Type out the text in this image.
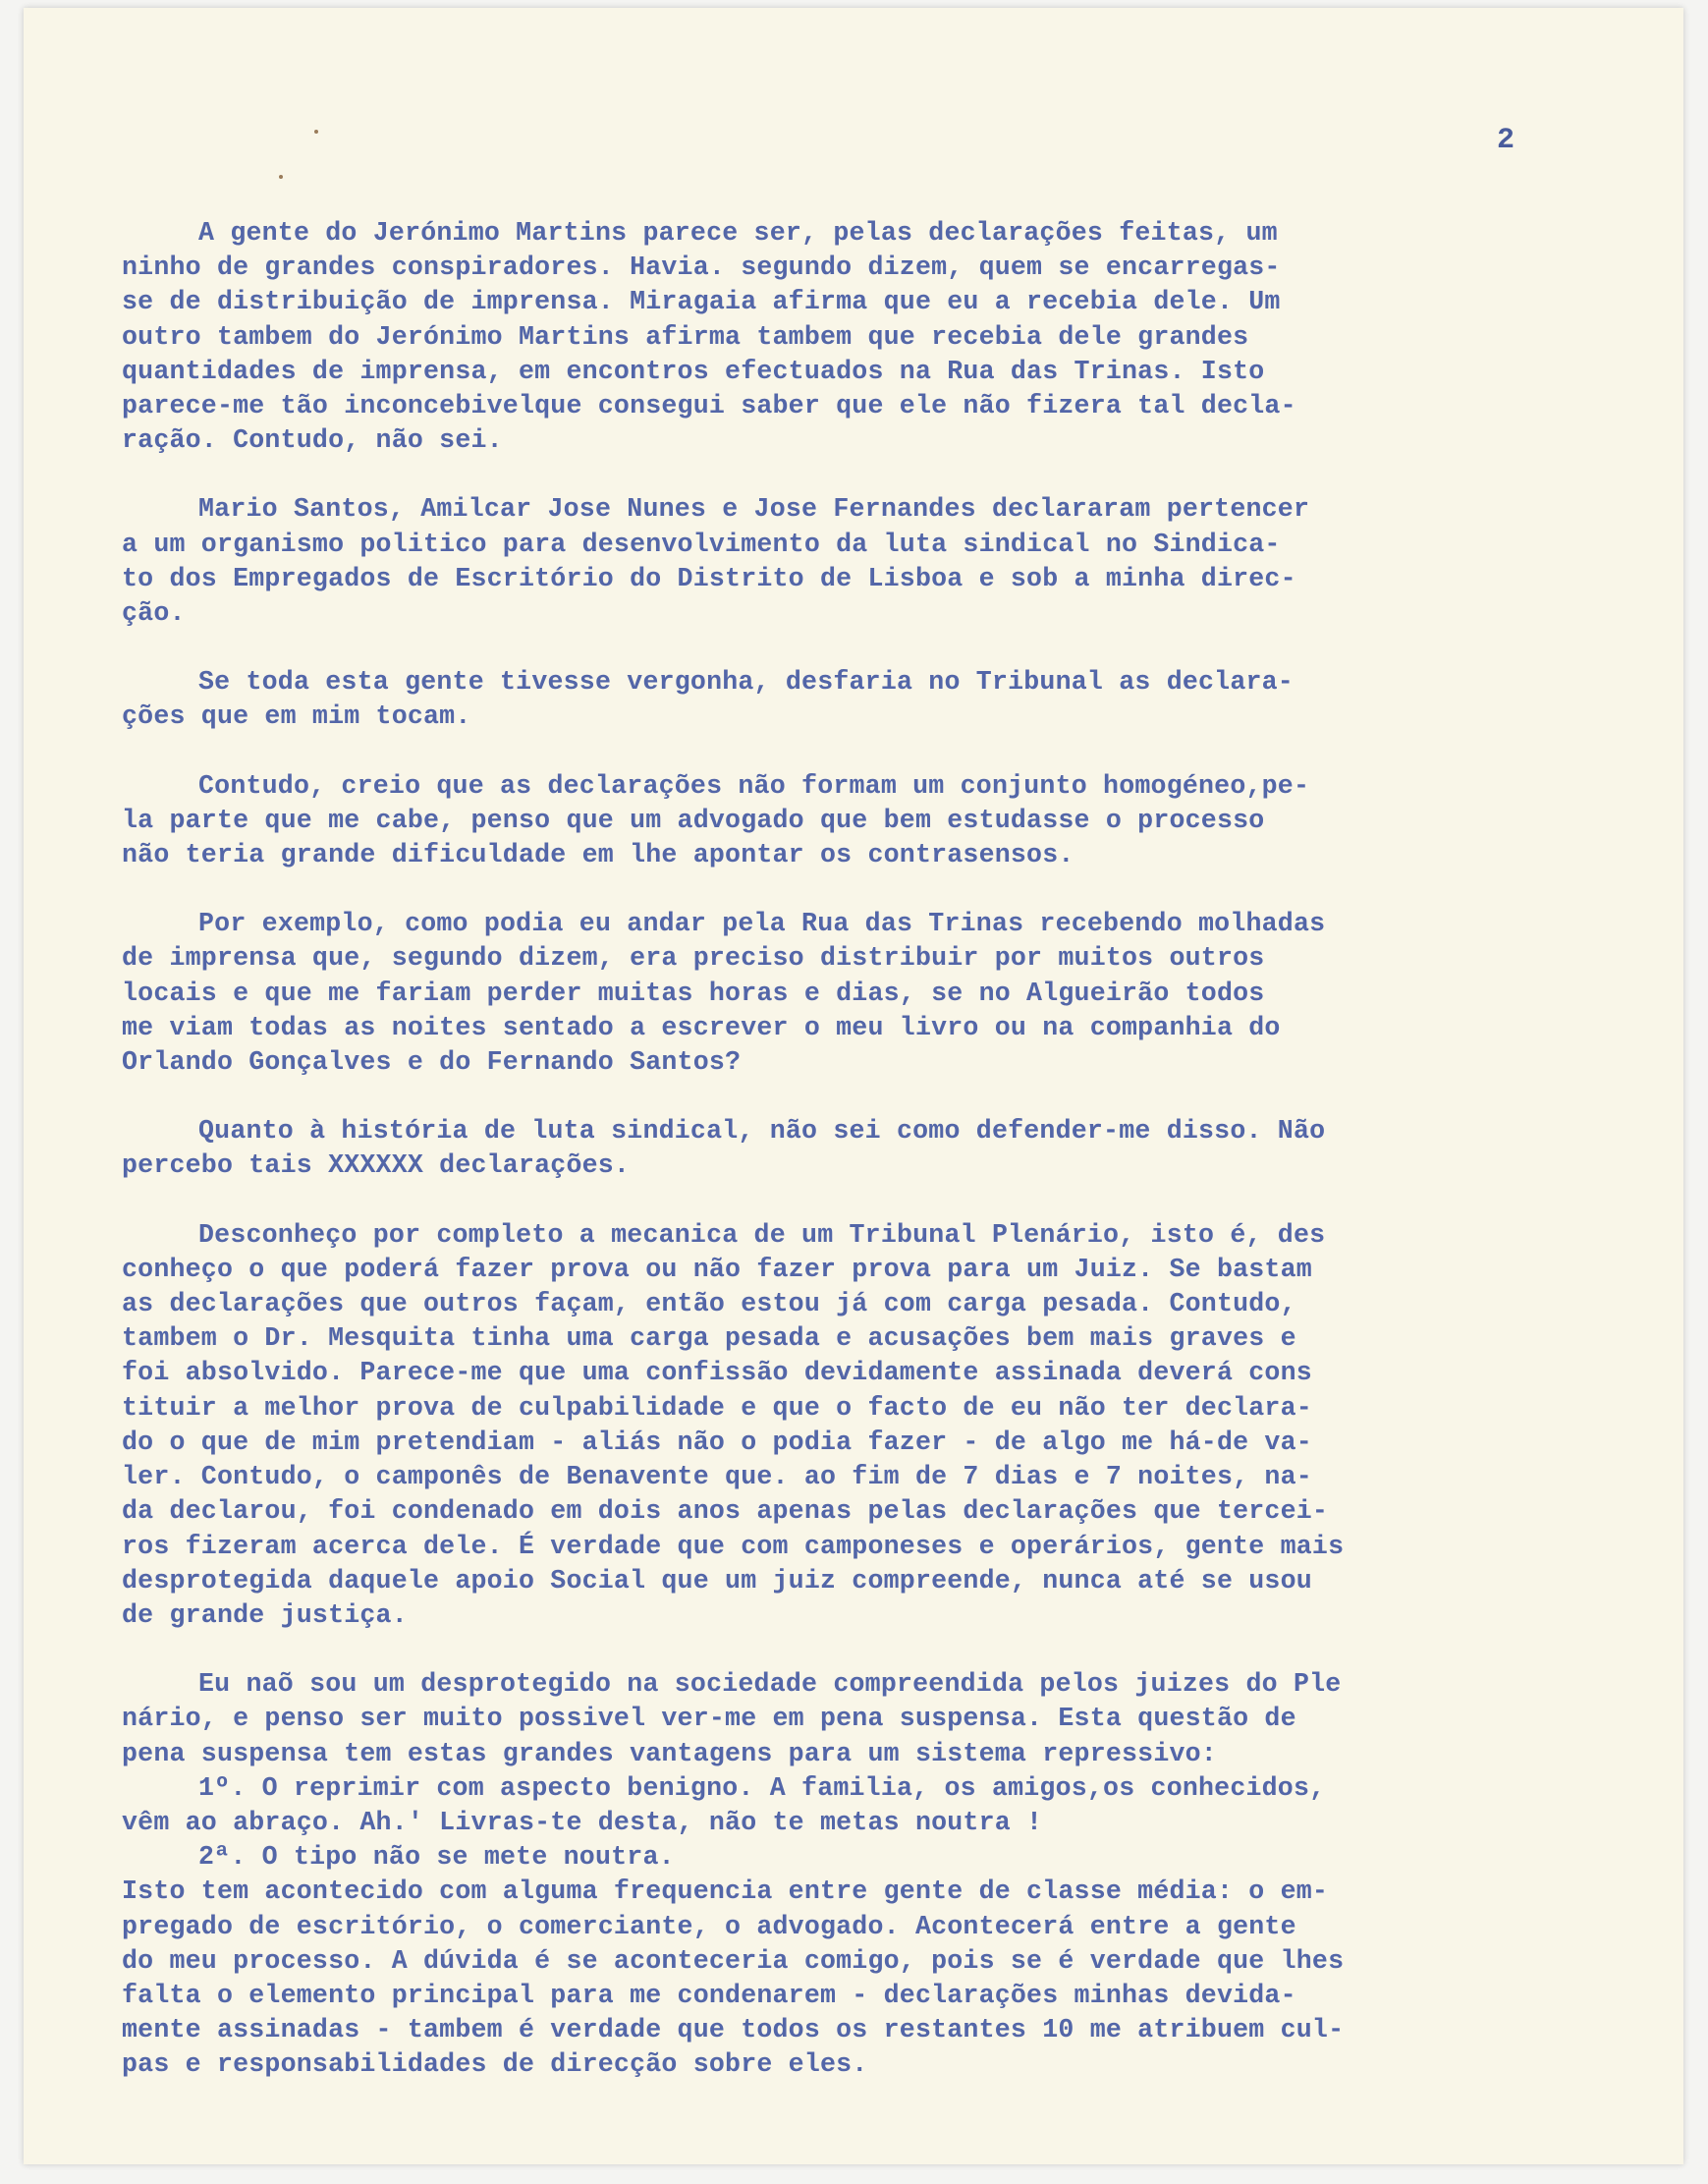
2
A gente do Jerónimo Martins parece ser, pelas declarações feitas, um
ninho de grandes conspiradores. Havia. segundo dizem, quem se encarregas-
se de distribuição de imprensa. Miragaia afirma que eu a recebia dele. Um
outro tambem do Jerónimo Martins afirma tambem que recebia dele grandes
quantidades de imprensa, em encontros efectuados na Rua das Trinas. Isto
parece-me tão inconcebivelque consegui saber que ele não fizera tal decla-
ração. Contudo, não sei.
Mario Santos, Amilcar Jose Nunes e Jose Fernandes declararam pertencer
a um organismo politico para desenvolvimento da luta sindical no Sindica-
to dos Empregados de Escritório do Distrito de Lisboa e sob a minha direc-
ção.
Se toda esta gente tivesse vergonha, desfaria no Tribunal as declara-
ções que em mim tocam.
Contudo, creio que as declarações não formam um conjunto homogéneo,pe-
la parte que me cabe, penso que um advogado que bem estudasse o processo
não teria grande dificuldade em lhe apontar os contrasensos.
Por exemplo, como podia eu andar pela Rua das Trinas recebendo molhadas
de imprensa que, segundo dizem, era preciso distribuir por muitos outros
locais e que me fariam perder muitas horas e dias, se no Algueirão todos
me viam todas as noites sentado a escrever o meu livro ou na companhia do
Orlando Gonçalves e do Fernando Santos?
Quanto à história de luta sindical, não sei como defender-me disso. Não
percebo tais XXXXXX declarações.
Desconheço por completo a mecanica de um Tribunal Plenário, isto é, des
conheço o que poderá fazer prova ou não fazer prova para um Juiz. Se bastam
as declarações que outros façam, então estou já com carga pesada. Contudo,
tambem o Dr. Mesquita tinha uma carga pesada e acusações bem mais graves e
foi absolvido. Parece-me que uma confissão devidamente assinada deverá cons
tituir a melhor prova de culpabilidade e que o facto de eu não ter declara-
do o que de mim pretendiam - aliás não o podia fazer - de algo me há-de va-
ler. Contudo, o camponês de Benavente que. ao fim de 7 dias e 7 noites, na-
da declarou, foi condenado em dois anos apenas pelas declarações que tercei-
ros fizeram acerca dele. É verdade que com camponeses e operários, gente mais
desprotegida daquele apoio Social que um juiz compreende, nunca até se usou
de grande justiça.
Eu naõ sou um desprotegido na sociedade compreendida pelos juizes do Ple
nário, e penso ser muito possivel ver-me em pena suspensa. Esta questão de
pena suspensa tem estas grandes vantagens para um sistema repressivo:
1º. O reprimir com aspecto benigno. A familia, os amigos,os conhecidos,
vêm ao abraço. Ah.' Livras-te desta, não te metas noutra !
2ª. O tipo não se mete noutra.
Isto tem acontecido com alguma frequencia entre gente de classe média: o em-
pregado de escritório, o comerciante, o advogado. Acontecerá entre a gente
do meu processo. A dúvida é se aconteceria comigo, pois se é verdade que lhes
falta o elemento principal para me condenarem - declarações minhas devida-
mente assinadas - tambem é verdade que todos os restantes 10 me atribuem cul-
pas e responsabilidades de direcção sobre eles.
